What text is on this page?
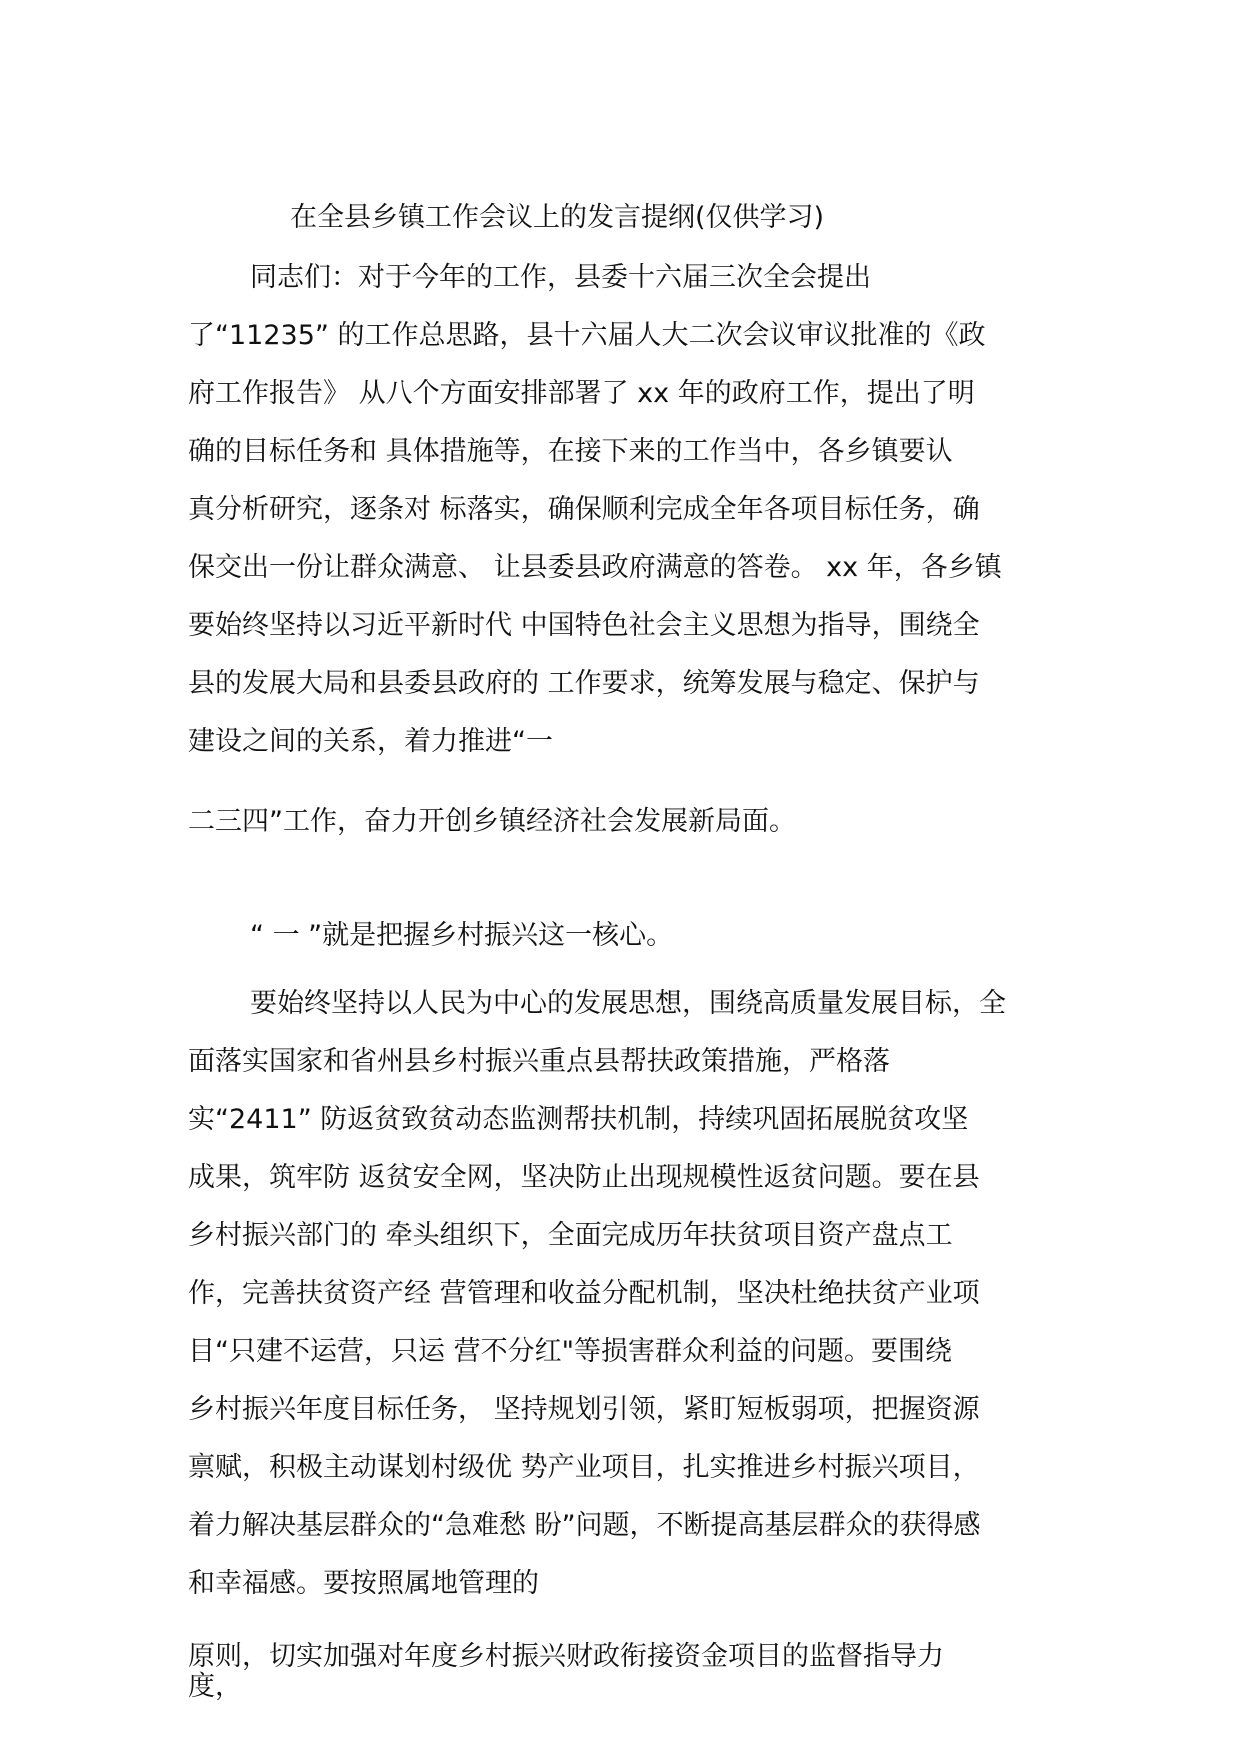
在全县乡镇工作会议上的发言提纲(仅供学习)
同志们：对于今年的工作，县委十六届三次全会提出
了“11235” 的工作总思路，县十六届人大二次会议审议批准的《政
府工作报告》 从八个方面安排部署了 xx 年的政府工作，提出了明
确的目标任务和 具体措施等，在接下来的工作当中，各乡镇要认
真分析研究，逐条对 标落实，确保顺利完成全年各项目标任务，确
保交出一份让群众满意、 让县委县政府满意的答卷。 xx 年，各乡镇
要始终坚持以习近平新时代 中国特色社会主义思想为指导，围绕全
县的发展大局和县委县政府的 工作要求，统筹发展与稳定、保护与
建设之间的关系，着力推进“一
二三四”工作，奋力开创乡镇经济社会发展新局面。
“ 一 ”就是把握乡村振兴这一核心。
要始终坚持以人民为中心的发展思想，围绕高质量发展目标，全
面落实国家和省州县乡村振兴重点县帮扶政策措施，严格落
实“2411” 防返贫致贫动态监测帮扶机制，持续巩固拓展脱贫攻坚
成果，筑牢防 返贫安全网，坚决防止出现规模性返贫问题。要在县
乡村振兴部门的 牵头组织下，全面完成历年扶贫项目资产盘点工
作，完善扶贫资产经 营管理和收益分配机制，坚决杜绝扶贫产业项
目“只建不运营，只运 营不分红"等损害群众利益的问题。要围绕
乡村振兴年度目标任务， 坚持规划引领，紧盯短板弱项，把握资源
禀赋，积极主动谋划村级优 势产业项目，扎实推进乡村振兴项目，
着力解决基层群众的“急难愁 盼”问题，不断提高基层群众的获得感
和幸福感。要按照属地管理的
原则，切实加强对年度乡村振兴财政衔接资金项目的监督指导力
度，
